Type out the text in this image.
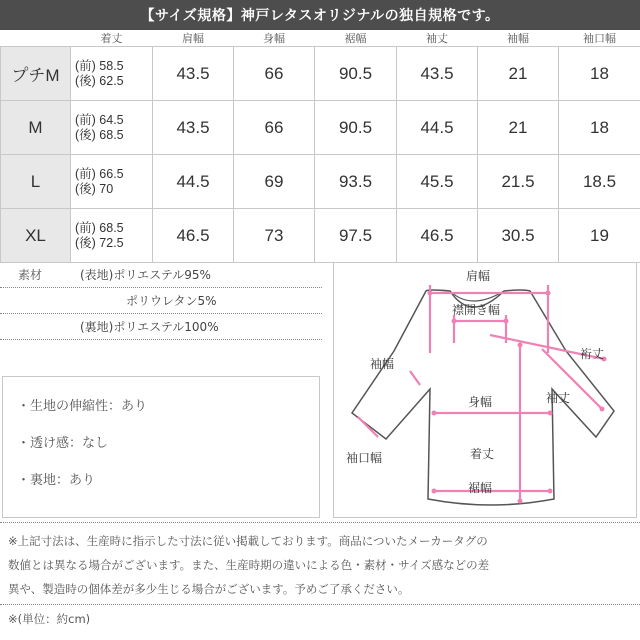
【サイズ規格】神戸レタスオリジナルの独自規格です。
	着丈	肩幅	身幅	裾幅	袖丈	袖幅	袖口幅
プチM	(前) 58.5
(後) 62.5	43.5	66	90.5	43.5	21	18
M	(前) 64.5
(後) 68.5	43.5	66	90.5	44.5	21	18
L	(前) 66.5
(後) 70	44.5	69	93.5	45.5	21.5	18.5
XL	(前) 68.5
(後) 72.5	46.5	73	97.5	46.5	30.5	19
素材	(表地)ポリエステル95%
ポリウレタン5%
(裏地)ポリエステル100%
・生地の伸縮性：あり
・透け感：なし
・裏地：あり
肩幅
襟開き幅
裄丈
袖幅
身幅	袖丈
袖口幅	着丈
裾幅
※上記寸法は、生産時に指示した寸法に従い掲載しております。商品についたメーカータグの
数値とは異なる場合がございます。また、生産時期の違いによる色・素材・サイズ感などの差
異や、製造時の個体差が多少生じる場合がございます。予めご了承ください。
※(単位：約cm)
